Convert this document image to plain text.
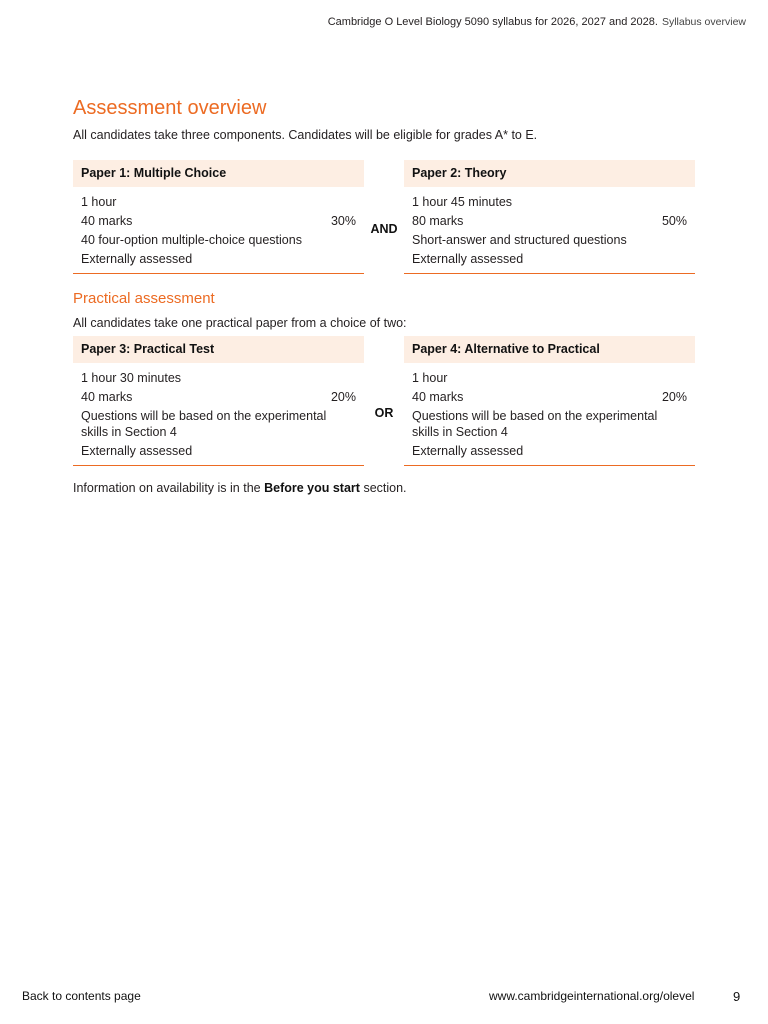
Cambridge O Level Biology 5090 syllabus for 2026, 2027 and 2028. Syllabus overview
Assessment overview

All candidates take three components. Candidates will be eligible for grades A* to E.

Paper 1: Multiple Choice
1 hour
40 marks	30%
40 four-option multiple-choice questions
Externally assessed
AND
Paper 2: Theory
1 hour 45 minutes
80 marks	50%
Short-answer and structured questions
Externally assessed
Practical assessment

All candidates take one practical paper from a choice of two:

Paper 3: Practical Test
1 hour 30 minutes
40 marks	20%
Questions will be based on the experimental skills in Section 4
Externally assessed
OR
Paper 4: Alternative to Practical
1 hour
40 marks	20%
Questions will be based on the experimental skills in Section 4
Externally assessed

Information on availability is in the Before you start section.

Back to contents page	www.cambridgeinternational.org/olevel	9
